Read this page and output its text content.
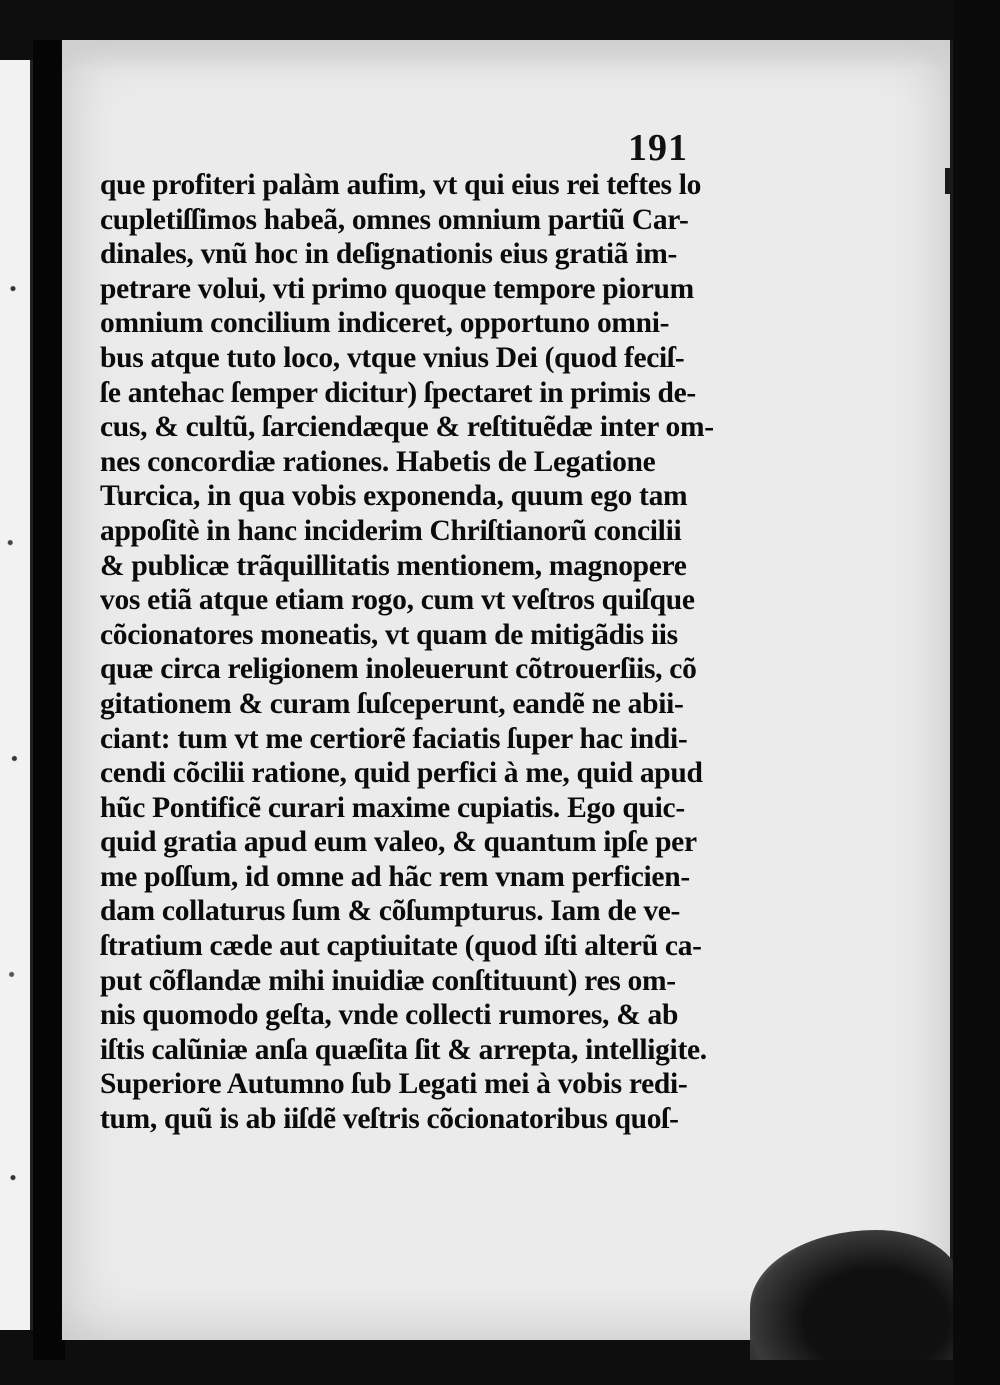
191
que profiteri palàm aufim, vt qui eius rei teftes lo
cupletiſſimos habeã, omnes omnium partiũ Car-
dinales, vnũ hoc in deſignationis eius gratiã im-
petrare volui, vti primo quoque tempore piorum
omnium concilium indiceret, opportuno omni-
bus atque tuto loco, vtque vnius Dei (quod feciſ-
ſe antehac ſemper dicitur) ſpectaret in primis de-
cus, & cultũ, ſarciendæque & reſtituẽdæ inter om-
nes concordiæ rationes. Habetis de Legatione
Turcica, in qua vobis exponenda, quum ego tam
appoſitè in hanc inciderim Chriſtianorũ concilii
& publicæ trãquillitatis mentionem, magnopere
vos etiã atque etiam rogo, cum vt veſtros quiſque
cõcionatores moneatis, vt quam de mitigãdis iis
quæ circa religionem inoleuerunt cõtrouerſiis, cõ
gitationem & curam ſuſceperunt, eandẽ ne abii-
ciant: tum vt me certiorẽ faciatis ſuper hac indi-
cendi cõcilii ratione, quid perfici à me, quid apud
hũc Pontificẽ curari maxime cupiatis. Ego quic-
quid gratia apud eum valeo, & quantum ipſe per
me poſſum, id omne ad hãc rem vnam perficien-
dam collaturus ſum & cõſumpturus. Iam de ve-
ſtratium cæde aut captiuitate (quod iſti alterũ ca-
put cõflandæ mihi inuidiæ conſtituunt) res om-
nis quomodo geſta, vnde collecti rumores, & ab
iſtis calũniæ anſa quæſita ſit & arrepta, intelligite.
Superiore Autumno ſub Legati mei à vobis redi-
tum, quũ is ab iiſdẽ veſtris cõcionatoribus quoſ-
